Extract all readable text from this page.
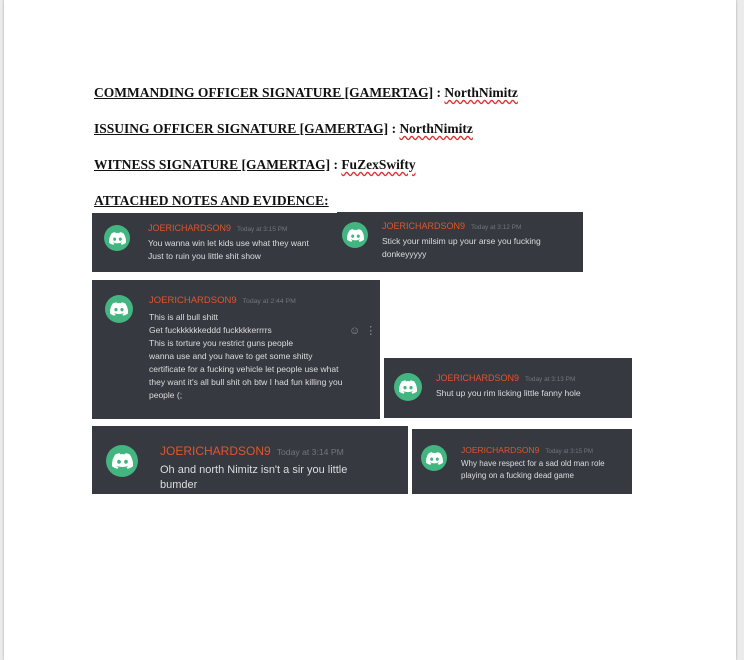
COMMANDING OFFICER SIGNATURE [GAMERTAG] : NorthNimitz
ISSUING OFFICER SIGNATURE [GAMERTAG] : NorthNimitz
WITNESS SIGNATURE [GAMERTAG] : FuZexSwifty
ATTACHED NOTES AND EVIDENCE:
JOERICHARDSON9 Today at 3:15 PM
You wanna win let kids use what they want
Just to ruin you little shit show
JOERICHARDSON9 Today at 3:12 PM
Stick your milsim up your arse you fucking
donkeyyyyy
JOERICHARDSON9 Today at 2:44 PM
This is all bull shitt
Get fuckkkkkkeddd fuckkkkerrrrs
This is torture you restrict guns people
wanna use and you have to get some shitty
certificate for a fucking vehicle let people use what
they want it's all bull shit oh btw I had fun killing you
people (;
☺ ⋮
JOERICHARDSON9 Today at 3:13 PM
Shut up you rim licking little fanny hole
JOERICHARDSON9 Today at 3:14 PM
Oh and north Nimitz isn't a sir you little
bumder
JOERICHARDSON9 Today at 3:15 PM
Why have respect for a sad old man role
playing on a fucking dead game
